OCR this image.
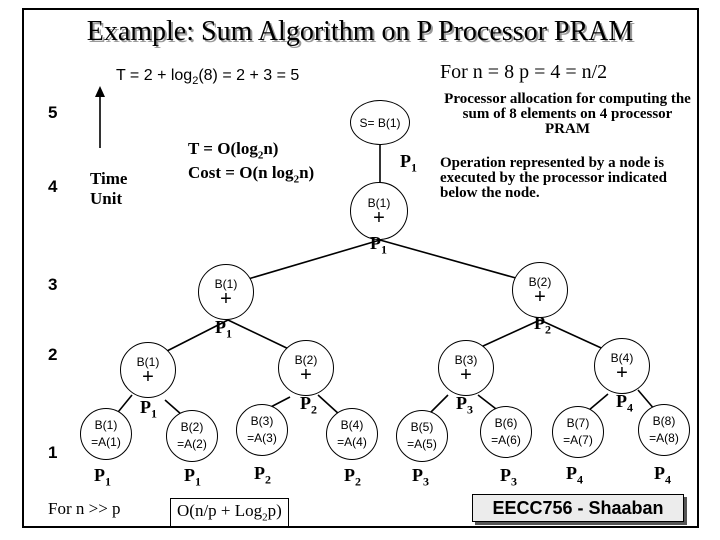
Example: Sum Algorithm on P Processor PRAM
$T = 2 + \log_2(8) = 2 + 3 = 5$	For n = 8 p = 4 = n/2
5
4
3
2
1
Time
Unit
$T = O(\log_2n)$
Cost = O(n $\log_2n$)
Processor allocation for computing the sum of 8 elements on 4 processor PRAM
Operation represented by a node is executed by the processor indicated below the node.
S= B(1)
$P_1$
B(1)
+
$P_1$
B(1)
+
$P_1$
B(2)
+
$P_2$
B(1)
+
$P_1$
B(2)
+
$P_2$
B(3)
+
$P_3$
B(4)
+
$P_4$
B(1)
=A(1)
$P_1$
B(2)
=A(2)
$P_1$
B(3)
=A(3)
$P_2$
B(4)
=A(4)
$P_2$
B(5)
=A(5)
$P_3$
B(6)
=A(6)
$P_3$
B(7)
=A(7)
$P_4$
B(8)
=A(8)
$P_4$
For n >> p	O(n/p + Log$_2$p)	EECC756 - Shaaban
